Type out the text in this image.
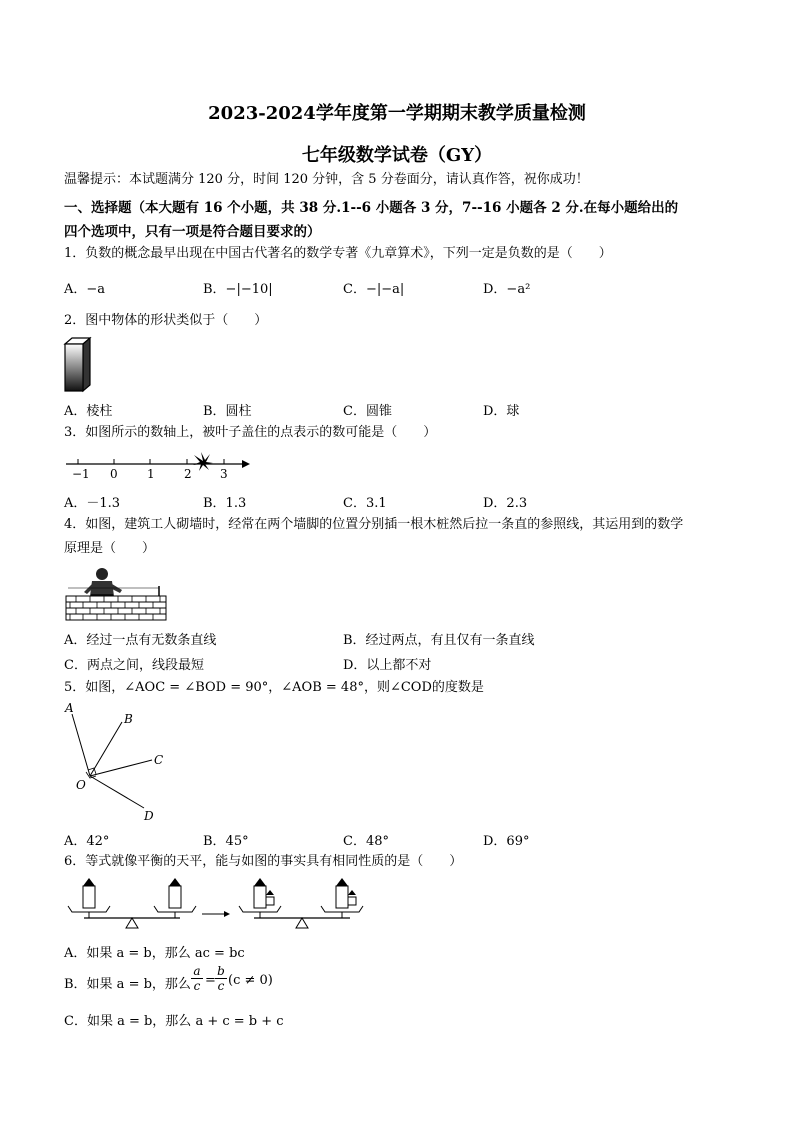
2023-2024学年度第一学期期末教学质量检测
七年级数学试卷（GY）
温馨提示：本试题满分 120 分，时间 120 分钟，含 5 分卷面分，请认真作答，祝你成功！
一、选择题（本大题有 16 个小题，共 38 分.1--6 小题各 3 分，7--16 小题各 2 分.在每小题给出的
四个选项中，只有一项是符合题目要求的）
1．负数的概念最早出现在中国古代著名的数学专著《九章算术》，下列一定是负数的是（　　）
A．−a	B．−|−10|	C．−|−a|	D．−a²
2．图中物体的形状类似于（　　）
A．棱柱	B．圆柱	C．圆锥	D．球
3．如图所示的数轴上，被叶子盖住的点表示的数可能是（　　）
−1 0 1 2 3
A．－1.3	B．1.3	C．3.1	D．2.3
4．如图，建筑工人砌墙时，经常在两个墙脚的位置分别插一根木桩然后拉一条直的参照线，其运用到的数学
原理是（　　）
A．经过一点有无数条直线	B．经过两点，有且仅有一条直线
C．两点之间，线段最短	D．以上都不对
5．如图，∠AOC = ∠BOD = 90°，∠AOB = 48°，则∠COD的度数是
A
B
C
O
D
A．42°	B．45°	C．48°	D．69°
6．等式就像平衡的天平，能与如图的事实具有相同性质的是（　　）
A．如果 a = b，那么 ac = bc
B．如果 a = b，那么 $\frac{a}{c} = \frac{b}{c} (c \ne 0)$
C．如果 a = b，那么 a + c = b + c
